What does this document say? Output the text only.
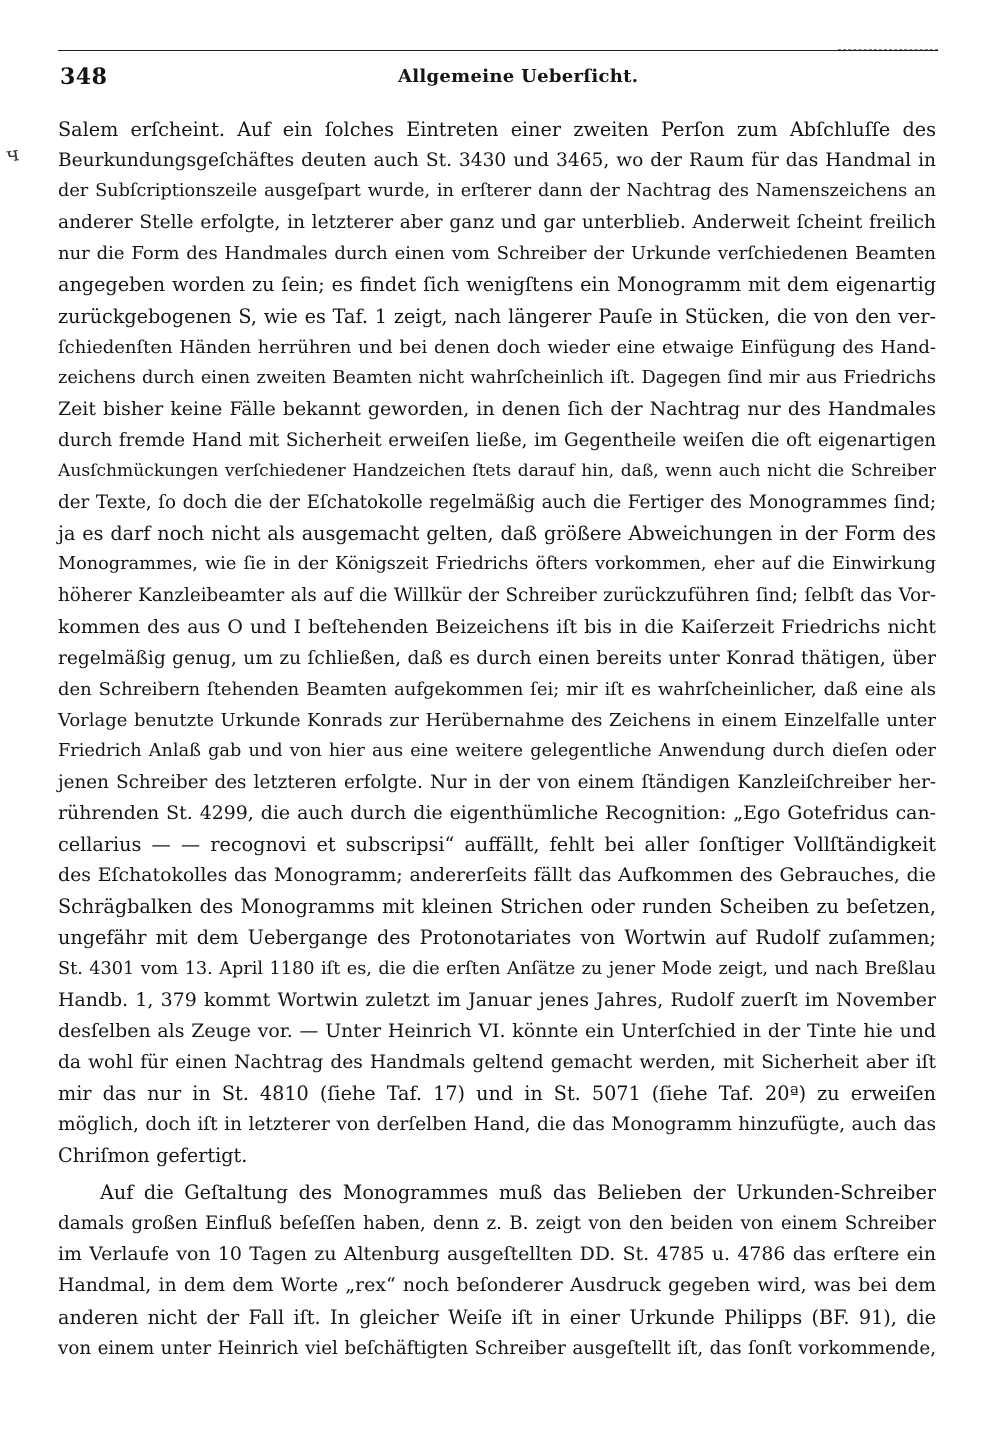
348	Allgemeine Ueberſicht.
ч
Salem erſcheint. Auf ein ſolches Eintreten einer zweiten Perſon zum Abſchluſſe des
Beurkundungsgeſchäftes deuten auch St. 3430 und 3465, wo der Raum für das Handmal in
der Subſcriptionszeile ausgeſpart wurde, in erſterer dann der Nachtrag des Namenszeichens an
anderer Stelle erfolgte, in letzterer aber ganz und gar unterblieb. Anderweit ſcheint freilich
nur die Form des Handmales durch einen vom Schreiber der Urkunde verſchiedenen Beamten
angegeben worden zu ſein; es findet ſich wenigſtens ein Monogramm mit dem eigenartig
zurückgebogenen S, wie es Taf. 1 zeigt, nach längerer Pauſe in Stücken, die von den ver-
ſchiedenſten Händen herrühren und bei denen doch wieder eine etwaige Einfügung des Hand-
zeichens durch einen zweiten Beamten nicht wahrſcheinlich iſt. Dagegen ſind mir aus Friedrichs
Zeit bisher keine Fälle bekannt geworden, in denen ſich der Nachtrag nur des Handmales
durch fremde Hand mit Sicherheit erweiſen ließe, im Gegentheile weiſen die oft eigenartigen
Ausſchmückungen verſchiedener Handzeichen ſtets darauf hin, daß, wenn auch nicht die Schreiber
der Texte, ſo doch die der Eſchatokolle regelmäßig auch die Fertiger des Monogrammes ſind;
ja es darf noch nicht als ausgemacht gelten, daß größere Abweichungen in der Form des
Monogrammes, wie ſie in der Königszeit Friedrichs öfters vorkommen, eher auf die Einwirkung
höherer Kanzleibeamter als auf die Willkür der Schreiber zurückzuführen ſind; ſelbſt das Vor-
kommen des aus O und I beſtehenden Beizeichens iſt bis in die Kaiſerzeit Friedrichs nicht
regelmäßig genug, um zu ſchließen, daß es durch einen bereits unter Konrad thätigen, über
den Schreibern ſtehenden Beamten aufgekommen ſei; mir iſt es wahrſcheinlicher, daß eine als
Vorlage benutzte Urkunde Konrads zur Herübernahme des Zeichens in einem Einzelfalle unter
Friedrich Anlaß gab und von hier aus eine weitere gelegentliche Anwendung durch dieſen oder
jenen Schreiber des letzteren erfolgte. Nur in der von einem ſtändigen Kanzleiſchreiber her-
rührenden St. 4299, die auch durch die eigenthümliche Recognition: „Ego Gotefridus can-
cellarius — — recognovi et subscripsi“ auffällt, fehlt bei aller ſonſtiger Vollſtändigkeit
des Eſchatokolles das Monogramm; andererſeits fällt das Aufkommen des Gebrauches, die
Schrägbalken des Monogramms mit kleinen Strichen oder runden Scheiben zu beſetzen,
ungefähr mit dem Uebergange des Protonotariates von Wortwin auf Rudolf zuſammen;
St. 4301 vom 13. April 1180 iſt es, die die erſten Anſätze zu jener Mode zeigt, und nach Breßlau
Handb. 1, 379 kommt Wortwin zuletzt im Januar jenes Jahres, Rudolf zuerſt im November
desſelben als Zeuge vor. — Unter Heinrich VI. könnte ein Unterſchied in der Tinte hie und
da wohl für einen Nachtrag des Handmals geltend gemacht werden, mit Sicherheit aber iſt
mir das nur in St. 4810 (ſiehe Taf. 17) und in St. 5071 (ſiehe Taf. 20ª) zu erweiſen
möglich, doch iſt in letzterer von derſelben Hand, die das Monogramm hinzufügte, auch das
Chriſmon gefertigt.
Auf die Geſtaltung des Monogrammes muß das Belieben der Urkunden-Schreiber
damals großen Einfluß beſeſſen haben, denn z. B. zeigt von den beiden von einem Schreiber
im Verlaufe von 10 Tagen zu Altenburg ausgeſtellten DD. St. 4785 u. 4786 das erſtere ein
Handmal, in dem dem Worte „rex“ noch beſonderer Ausdruck gegeben wird, was bei dem
anderen nicht der Fall iſt. In gleicher Weiſe iſt in einer Urkunde Philipps (BF. 91), die
von einem unter Heinrich viel beſchäftigten Schreiber ausgeſtellt iſt, das ſonſt vorkommende,
